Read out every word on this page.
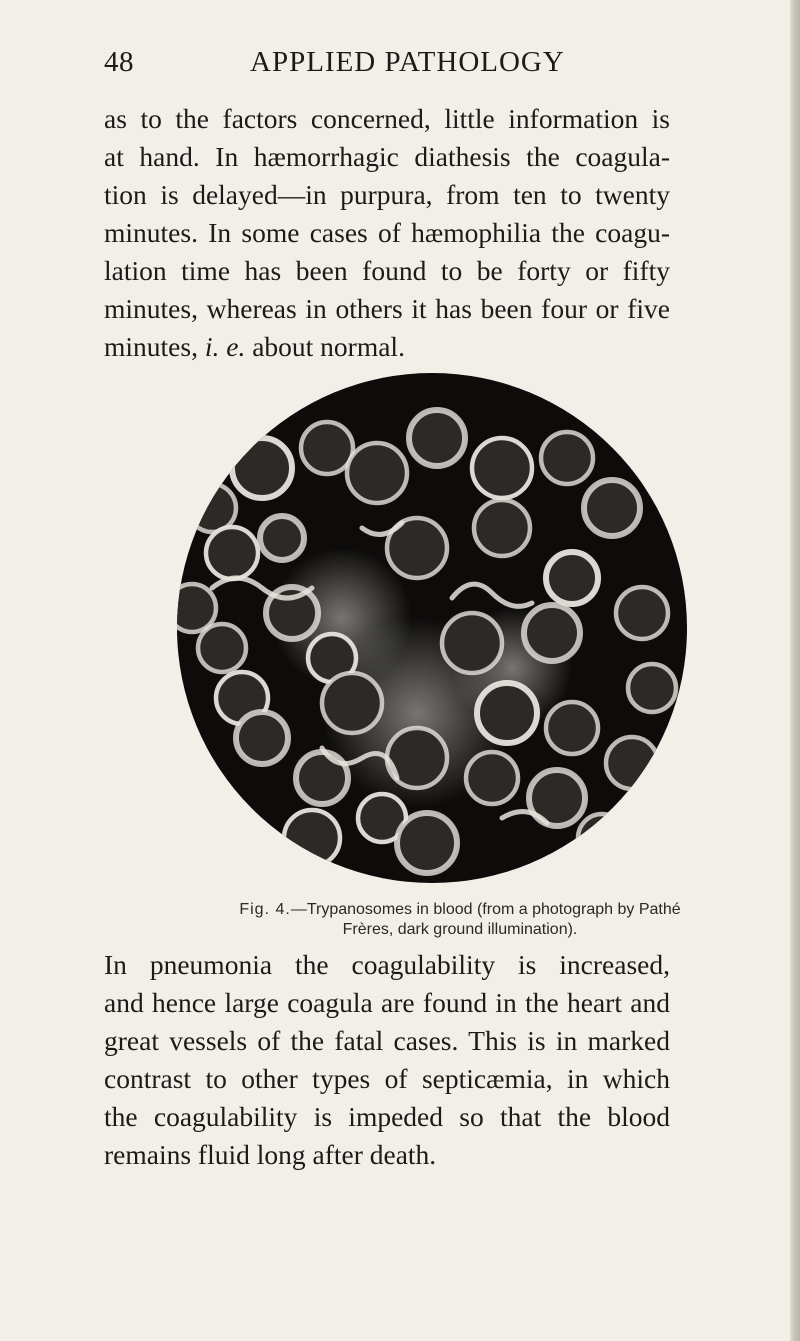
48	APPLIED PATHOLOGY
as to the factors concerned, little information is
at hand. In hæmorrhagic diathesis the coagula-
tion is delayed—in purpura, from ten to twenty
minutes. In some cases of hæmophilia the coagu-
lation time has been found to be forty or fifty
minutes, whereas in others it has been four or five
minutes, i. e. about normal.
Fig. 4.—Trypanosomes in blood (from a photograph by Pathé
Frères, dark ground illumination).
In pneumonia the coagulability is increased,
and hence large coagula are found in the heart and
great vessels of the fatal cases. This is in marked
contrast to other types of septicæmia, in which
the coagulability is impeded so that the blood
remains fluid long after death.
